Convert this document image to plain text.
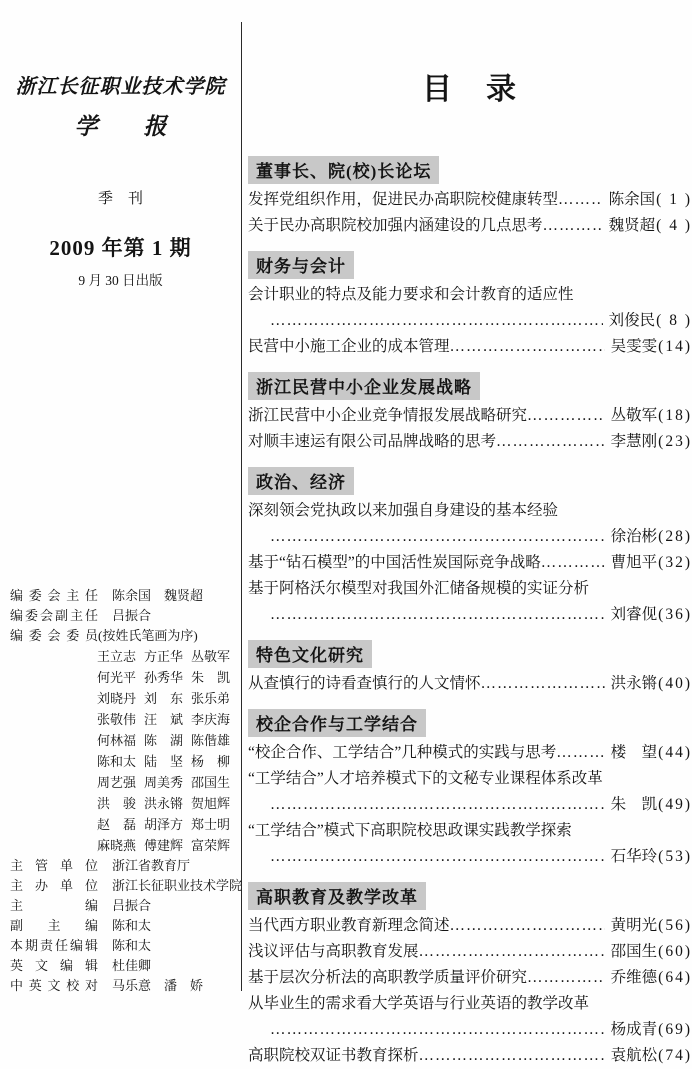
浙江长征职业技术学院
学　　报
季　刊
2009 年第 1 期
9 月 30 日出版
编委会主任 陈余国　魏贤超
编委会副主任 吕振合
编委会委员(按姓氏笔画为序)
王立志 方正华 丛敬军
何光平 孙秀华 朱　凯
刘晓丹 刘　东 张乐弟
张敬伟 汪　斌 李庆海
何林福 陈　湖 陈偕雄
陈和太 陆　坚 杨　柳
周艺强 周美秀 邵国生
洪　骏 洪永锵 贺旭辉
赵　磊 胡泽方 郑士明
麻晓燕 傅建辉 富荣辉
主管单位 浙江省教育厅
主办单位 浙江长征职业技术学院
主编 吕振合
副主编 陈和太
本期责任编辑 陈和太
英文编辑 杜佳卿
中英文校对 马乐意　潘　娇
目　录
董事长、院(校)长论坛
发挥党组织作用，促进民办高职院校健康转型 ……………………………………………………………………………………	陈余国 ( 1 )
关于民办高职院校加强内涵建设的几点思考 ……………………………………………………………………………………	魏贤超 ( 4 )
财务与会计
会计职业的特点及能力要求和会计教育的适应性
……………………………………………………………………………………
刘俊民 ( 8 )
民营中小施工企业的成本管理 ……………………………………………………………………………………	吴雯雯 (14)
浙江民营中小企业发展战略
浙江民营中小企业竞争情报发展战略研究 ……………………………………………………………………………………	丛敬军 (18)
对顺丰速运有限公司品牌战略的思考 ……………………………………………………………………………………	李慧刚 (23)
政治、经济
深刻领会党执政以来加强自身建设的基本经验
……………………………………………………………………………………
徐治彬 (28)
基于“钻石模型”的中国活性炭国际竞争战略 ……………………………………………………………………………………	曹旭平 (32)
基于阿格沃尔模型对我国外汇储备规模的实证分析
……………………………………………………………………………………
刘睿伣 (36)
特色文化研究
从查慎行的诗看查慎行的人文情怀 ……………………………………………………………………………………	洪永锵 (40)
校企合作与工学结合
“校企合作、工学结合”几种模式的实践与思考 ……………………………………………………………………………………	楼　望 (44)
“工学结合”人才培养模式下的文秘专业课程体系改革
……………………………………………………………………………………
朱　凯 (49)
“工学结合”模式下高职院校思政课实践教学探索
……………………………………………………………………………………
石华玲 (53)
高职教育及教学改革
当代西方职业教育新理念简述 ……………………………………………………………………………………	黄明光 (56)
浅议评估与高职教育发展 ……………………………………………………………………………………	邵国生 (60)
基于层次分析法的高职教学质量评价研究 ……………………………………………………………………………………	乔维德 (64)
从毕业生的需求看大学英语与行业英语的教学改革
……………………………………………………………………………………
杨成青 (69)
高职院校双证书教育探析 ……………………………………………………………………………………	袁航松 (74)
